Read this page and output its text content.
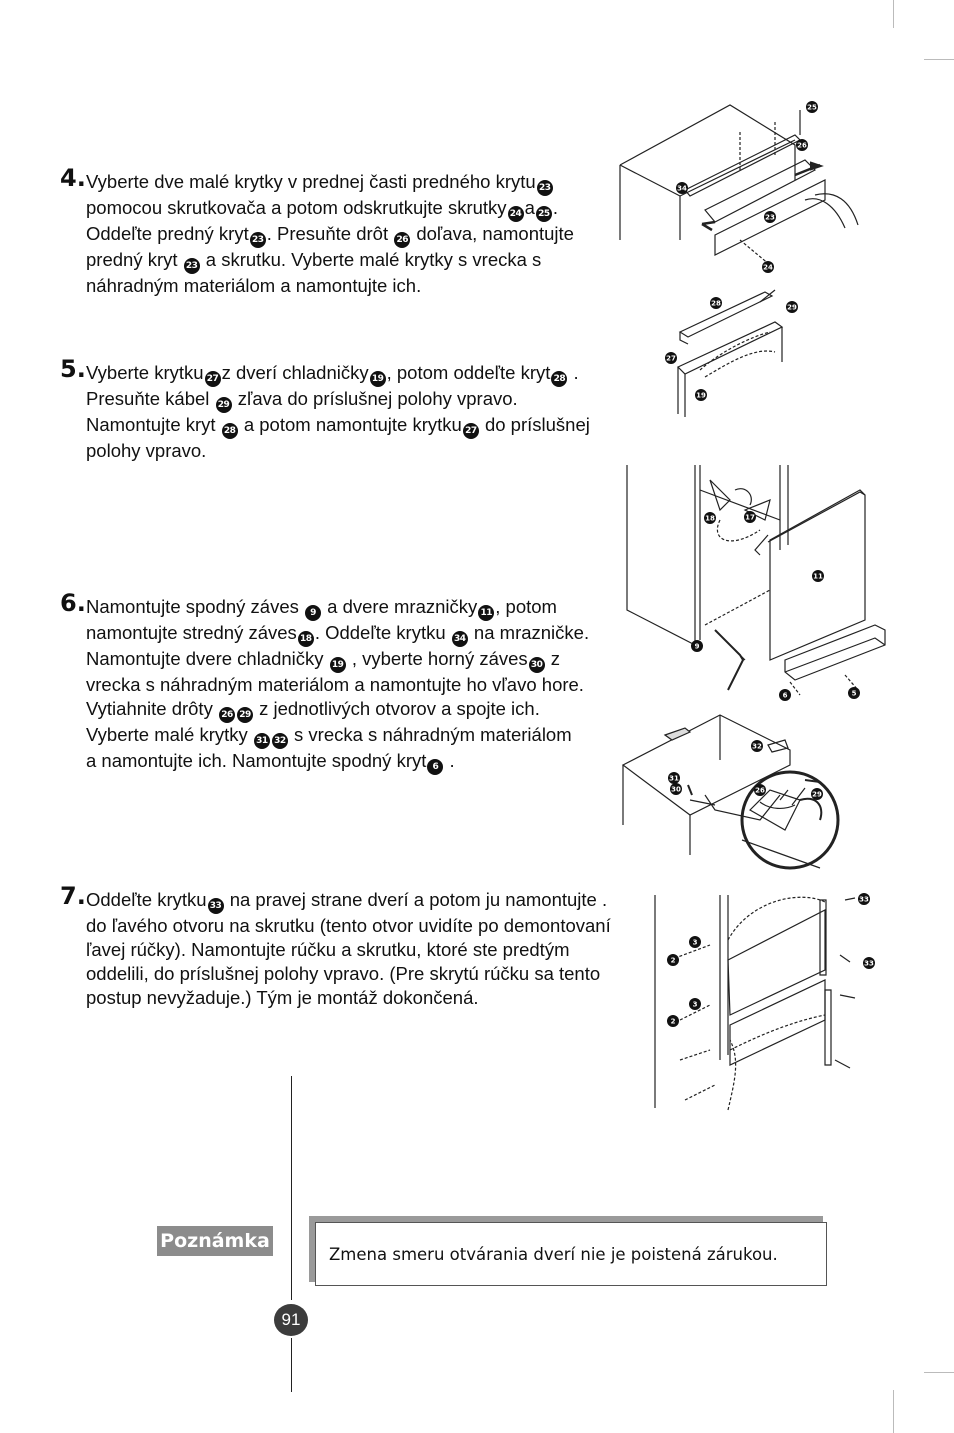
4. Vyberte dve malé krytky v prednej časti predného krytu 23
pomocou skrutkovača a potom odskrutkujte skrutky 24 a 25 .
Oddeľte predný kryt 23 . Presuňte drôt 26 doľava, namontujte
predný kryt 23 a skrutku. Vyberte malé krytky s vrecka s
náhradným materiálom a namontujte ich.
5. Vyberte krytku 27 z dverí chladničky 19 , potom oddeľte kryt 28 .
Presuňte kábel 29 zľava do príslušnej polohy vpravo.
Namontujte kryt 28 a potom namontujte krytku 27 do príslušnej
polohy vpravo.
6. Namontujte spodný záves 9 a dvere mrazničky 11 , potom
namontujte stredný záves 18 . Oddeľte krytku 34 na mrazničke.
Namontujte dvere chladničky 19 , vyberte horný záves 30 z
vrecka s náhradným materiálom a namontujte ho vľavo hore.
Vytiahnite drôty 26 29 z jednotlivých otvorov a spojte ich.
Vyberte malé krytky 31 32 s vrecka s náhradným materiálom
a namontujte ich. Namontujte spodný kryt 6 .
7. Oddeľte krytku 33 na pravej strane dverí a potom ju namontujte .
do ľavého otvoru na skrutku (tento otvor uvidíte po demontovaní
ľavej rúčky). Namontujte rúčku a skrutku, ktoré ste predtým
oddelili, do príslušnej polohy vpravo. (Pre skrytú rúčku sa tento
postup nevyžaduje.) Tým je montáž dokončená.
25
26
34
23
24
28	29
27
19
18	17
11
9
6	5
31
32
30	26	29
3
2
3
2
33
33
Poznámka
Zmena smeru otvárania dverí nie je poistená zárukou.
91
